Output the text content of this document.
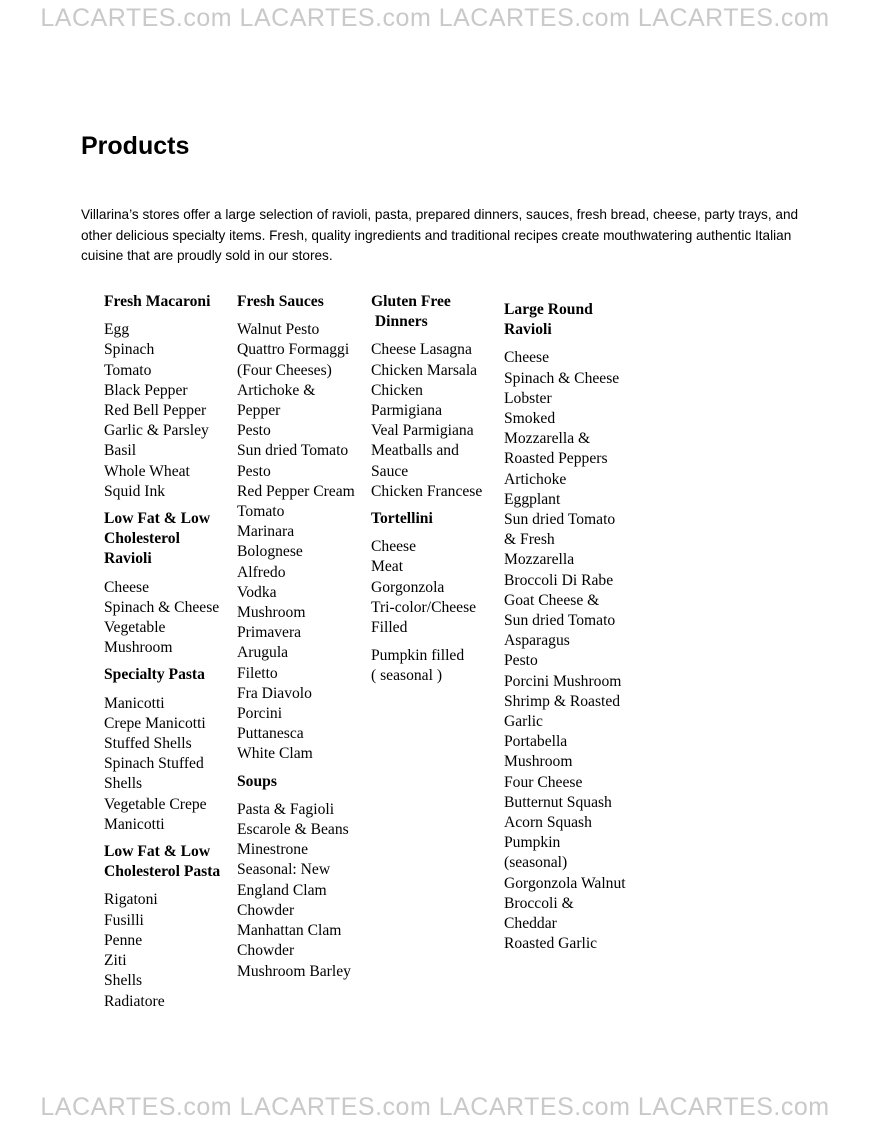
LACARTES.com LACARTES.com LACARTES.com LACARTES.com
Products

Villarina’s stores offer a large selection of ravioli, pasta, prepared dinners, sauces, fresh bread, cheese, party trays, and other delicious specialty items. Fresh, quality ingredients and traditional recipes create mouthwatering authentic Italian cuisine that are proudly sold in our stores.

Fresh Macaroni
Egg
Spinach
Tomato
Black Pepper
Red Bell Pepper
Garlic & Parsley
Basil
Whole Wheat
Squid Ink
Low Fat & Low
Cholesterol
Ravioli
Cheese
Spinach & Cheese
Vegetable
Mushroom
Specialty Pasta
Manicotti
Crepe Manicotti
Stuffed Shells
Spinach Stuffed
Shells
Vegetable Crepe
Manicotti
Low Fat & Low
Cholesterol Pasta
Rigatoni
Fusilli
Penne
Ziti
Shells
Radiatore
Fresh Sauces
Walnut Pesto
Quattro Formaggi
(Four Cheeses)
Artichoke &
Pepper
Pesto
Sun dried Tomato
Pesto
Red Pepper Cream
Tomato
Marinara
Bolognese
Alfredo
Vodka
Mushroom
Primavera
Arugula
Filetto
Fra Diavolo
Porcini
Puttanesca
White Clam
Soups
Pasta & Fagioli
Escarole & Beans
Minestrone
Seasonal: New
England Clam
Chowder
Manhattan Clam
Chowder
Mushroom Barley
Gluten Free
Dinners
Cheese Lasagna
Chicken Marsala
Chicken
Parmigiana
Veal Parmigiana
Meatballs and
Sauce
Chicken Francese
Tortellini
Cheese
Meat
Gorgonzola
Tri-color/Cheese
Filled
Pumpkin filled
( seasonal )
Large Round
Ravioli
Cheese
Spinach & Cheese
Lobster
Smoked
Mozzarella &
Roasted Peppers
Artichoke
Eggplant
Sun dried Tomato
& Fresh
Mozzarella
Broccoli Di Rabe
Goat Cheese &
Sun dried Tomato
Asparagus
Pesto
Porcini Mushroom
Shrimp & Roasted
Garlic
Portabella
Mushroom
Four Cheese
Butternut Squash
Acorn Squash
Pumpkin
(seasonal)
Gorgonzola Walnut
Broccoli &
Cheddar
Roasted Garlic
LACARTES.com LACARTES.com LACARTES.com LACARTES.com
